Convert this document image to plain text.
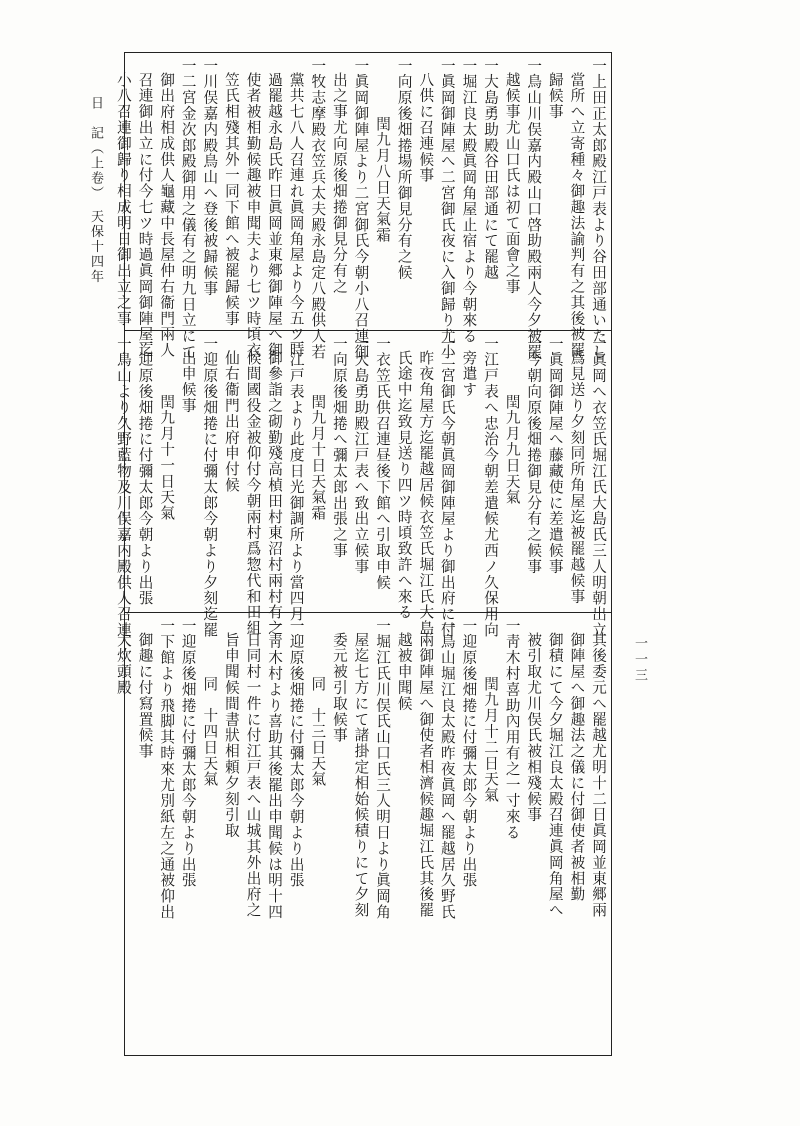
一上田正太郎殿江戸表より谷田部通いたし
當所へ立寄種々御趣法諭判有之其後被罷
歸候事
一鳥山川俣嘉内殿山口啓助殿兩人今夕被罷
越候事尤山口氏は初て面會之事
一大島勇助殿谷田部通にて罷越
一堀江良太殿眞岡角屋止宿より今朝來る
一眞岡御陣屋へ二宮御氏夜に入御歸り尤小
八供に召連候事
一向原後畑捲場所御見分有之候
閏九月八日天氣霜
一眞岡御陣屋より二宮御氏今朝小八召連御
出之事尤向原後畑捲御見分有之
一牧志摩殿衣笠兵太夫殿永島定八殿供人若
黨共七八人召連れ眞岡角屋より今五ツ時
過罷越永島氏昨日眞岡並東郷御陣屋へ御
使者被相勤候趣被申聞夫より七ツ時頃衣
笠氏相殘其外一同下館へ被罷歸候事
一川俣嘉内殿鳥山へ登後被歸候事
一二宮金次郎殿御用之儀有之明九日立にて
御出府相成供人龜藏中長屋仲右衞門兩人
召連御出立に付今七ツ時過眞岡御陣屋迄
小八召連御歸り相成明日御出立之事
一眞岡へ衣笠氏堀江氏大島氏三人明朝出立
爲見送り夕刻同所角屋迄被罷越候事
一眞岡御陣屋へ藤藏使に差遣候事
一今朝向原後畑捲御見分有之候事
閏九月九日天氣
一江戸表へ忠治今朝差遣候尤西ノ久保用向
旁遣す
一二宮御氏今朝眞岡御陣屋より御出府に付
昨夜角屋方迄罷越居候衣笠氏堀江氏大島
氏途中迄致見送り四ツ時頃致許へ來る
一衣笠氏供召連昼後下館へ引取申候
一大島勇助殿江戸表へ致出立候事
一向原後畑捲へ彌太郎出張之事
閏九月十日天氣霜
一江戸表より此度日光御調所より當四月
御參詣之砌勤殘高楨田村東沼村兩村有之
候間國役金被仰付今朝兩村爲惣代和田組
仙右衞門出府申付候
一迎原後畑捲に付彌太郎今朝より夕刻迄罷
出申候事
閏九月十一日天氣
一迎原後畑捲に付彌太郎今朝より出張
一鳥山より久野藍物及川俣嘉内殿供人召連
其後委元へ罷越尤明十二日眞岡並東郷兩
御陣屋へ御趣法之儀に付御使者被相勤
御積にて今夕堀江良太殿召連眞岡角屋へ
被引取尤川俣氏被相殘候事
一靑木村喜助內用有之一寸來る
閏九月十二日天氣
一迎原後畑捲に付彌太郎今朝より出張
一鳥山堀江良太殿昨夜眞岡へ罷越居久野氏
兩御陣屋へ御使者相濟候趣堀江氏其後罷
越被申聞候
一堀江氏川俣氏山口氏三人明日より眞岡角
屋迄七方にて諸掛定相始候積りにて夕刻
委元被引取候事
同　十三日天氣
一迎原後畑捲に付彌太郎今朝より出張
一靑木村より喜助其後罷出申聞候は明十四
日同村一件に付江戸表へ山城其外出府之
旨申聞候間書狀相頼夕刻引取
同　十四日天氣
一迎原後畑捲に付彌太郎今朝より出張
一下館より飛脚其時來尤別紙左之通被仰出
御趣に付寫置候事
大炊頭殿
日　記（上卷）　天保十四年
一一三
